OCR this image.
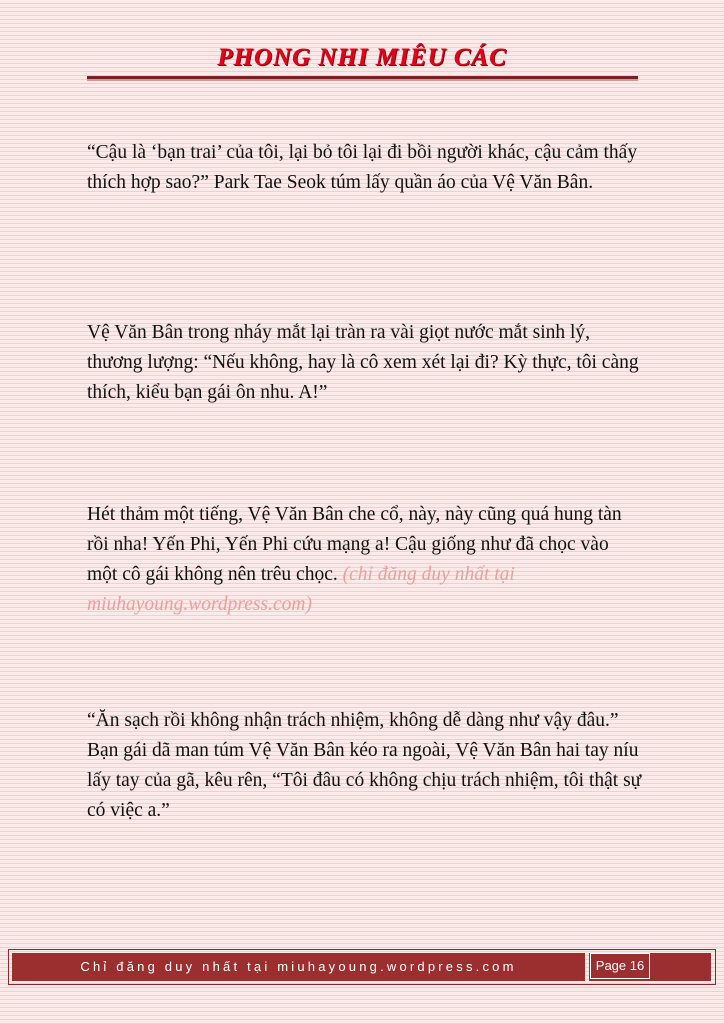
PHONG NHI MIÊU CÁC

“Cậu là ‘bạn trai’ của tôi, lại bỏ tôi lại đi bồi người khác, cậu cảm thấy thích hợp sao?” Park Tae Seok túm lấy quần áo của Vệ Văn Bân.

Vệ Văn Bân trong nháy mắt lại tràn ra vài giọt nước mắt sinh lý, thương lượng: “Nếu không, hay là cô xem xét lại đi? Kỳ thực, tôi càng thích, kiểu bạn gái ôn nhu. A!”

Hét thảm một tiếng, Vệ Văn Bân che cổ, này, này cũng quá hung tàn rồi nha! Yến Phi, Yến Phi cứu mạng a! Cậu giống như đã chọc vào một cô gái không nên trêu chọc. (chỉ đăng duy nhất tại miuhayoung.wordpress.com)

“Ăn sạch rồi không nhận trách nhiệm, không dễ dàng như vậy đâu.” Bạn gái dã man túm Vệ Văn Bân kéo ra ngoài, Vệ Văn Bân hai tay níu lấy tay của gã, kêu rên, “Tôi đâu có không chịu trách nhiệm, tôi thật sự có việc a.”

Chỉ đăng duy nhất tại miuhayoung.wordpress.com	Page 16
